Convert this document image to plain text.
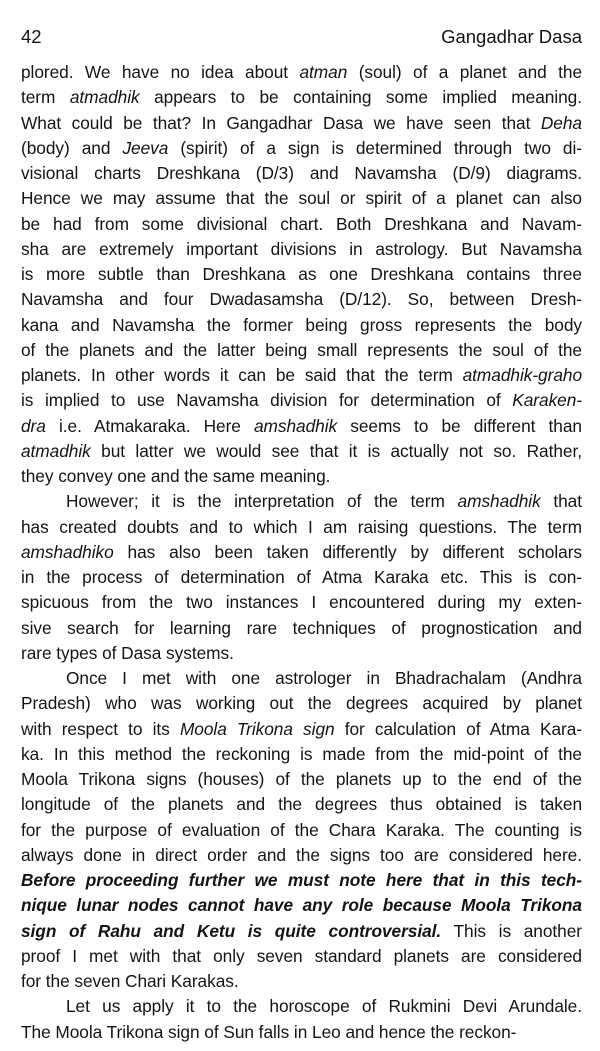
42	Gangadhar Dasa
plored. We have no idea about atman (soul) of a planet and the
term atmadhik appears to be containing some implied meaning.
What could be that? In Gangadhar Dasa we have seen that Deha
(body) and Jeeva (spirit) of a sign is determined through two di-
visional charts Dreshkana (D/3) and Navamsha (D/9) diagrams.
Hence we may assume that the soul or spirit of a planet can also
be had from some divisional chart. Both Dreshkana and Navam-
sha are extremely important divisions in astrology. But Navamsha
is more subtle than Dreshkana as one Dreshkana contains three
Navamsha and four Dwadasamsha (D/12). So, between Dresh-
kana and Navamsha the former being gross represents the body
of the planets and the latter being small represents the soul of the
planets. In other words it can be said that the term atmadhik-graho
is implied to use Navamsha division for determination of Karaken-
dra i.e. Atmakaraka. Here amshadhik seems to be different than
atmadhik but latter we would see that it is actually not so. Rather,
they convey one and the same meaning.
However; it is the interpretation of the term amshadhik that
has created doubts and to which I am raising questions. The term
amshadhiko has also been taken differently by different scholars
in the process of determination of Atma Karaka etc. This is con-
spicuous from the two instances I encountered during my exten-
sive search for learning rare techniques of prognostication and
rare types of Dasa systems.
Once I met with one astrologer in Bhadrachalam (Andhra
Pradesh) who was working out the degrees acquired by planet
with respect to its Moola Trikona sign for calculation of Atma Kara-
ka. In this method the reckoning is made from the mid-point of the
Moola Trikona signs (houses) of the planets up to the end of the
longitude of the planets and the degrees thus obtained is taken
for the purpose of evaluation of the Chara Karaka. The counting is
always done in direct order and the signs too are considered here.
Before proceeding further we must note here that in this tech-
nique lunar nodes cannot have any role because Moola Trikona
sign of Rahu and Ketu is quite controversial. This is another
proof I met with that only seven standard planets are considered
for the seven Chari Karakas.
Let us apply it to the horoscope of Rukmini Devi Arundale.
The Moola Trikona sign of Sun falls in Leo and hence the reckon-
